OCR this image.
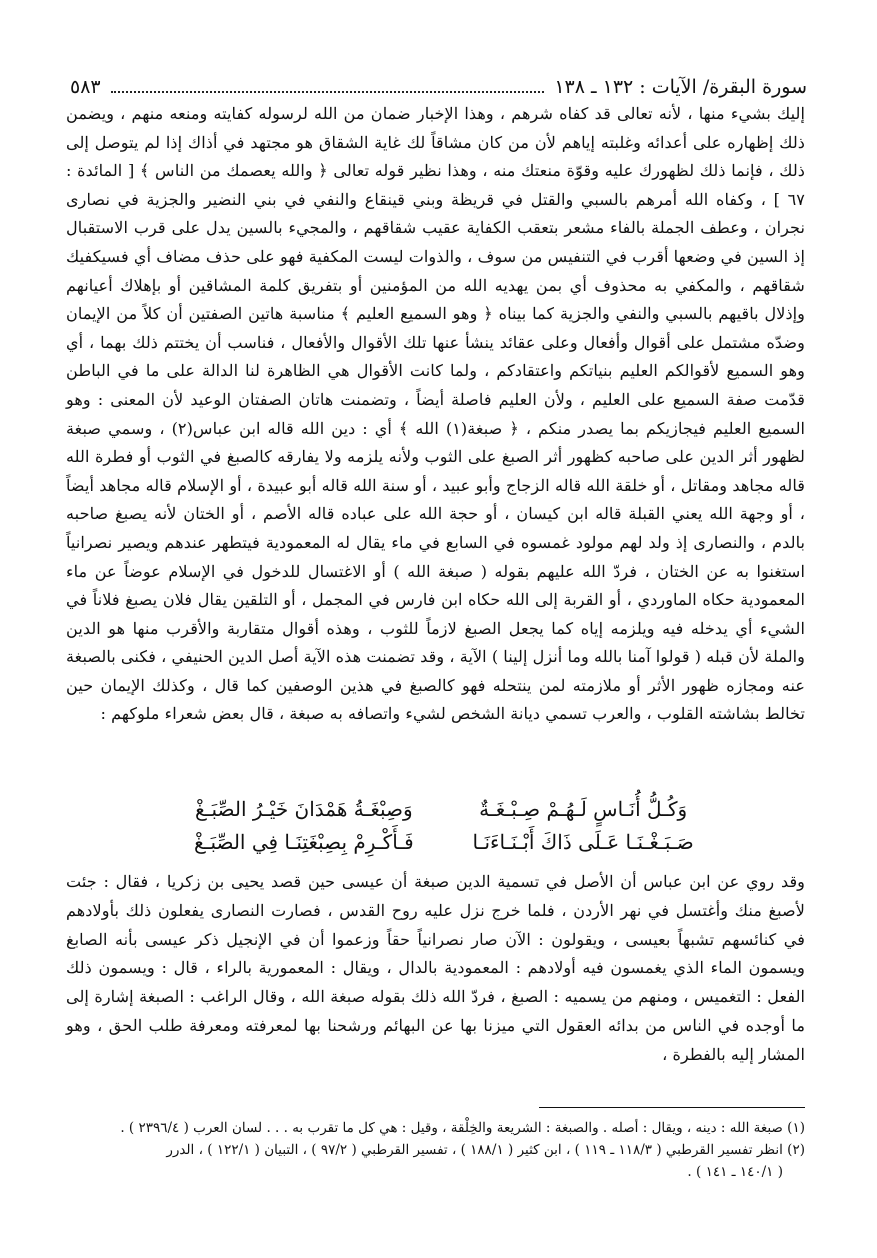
سورة البقرة/ الآيات : ١٣٢ ـ ١٣٨
٥٨٣

إليك بشيء منها ، لأنه تعالى قد كفاه شرهم ، وهذا الإخبار ضمان من الله لرسوله كفايته ومنعه منهم ، ويضمن ذلك إظهاره على أعدائه وغلبته إياهم لأن من كان مشاقاً لك غاية الشقاق هو مجتهد في أذاك إذا لم يتوصل إلى ذلك ، فإنما ذلك لظهورك عليه وقوّة منعتك منه ، وهذا نظير قوله تعالى ﴿ والله يعصمك من الناس ﴾ [ المائدة : ٦٧ ] ، وكفاه الله أمرهم بالسبي والقتل في قريظة وبني قينقاع والنفي في بني النضير والجزية في نصارى نجران ، وعطف الجملة بالفاء مشعر بتعقب الكفاية عقيب شقاقهم ، والمجيء بالسين يدل على قرب الاستقبال إذ السين في وضعها أقرب في التنفيس من سوف ، والذوات ليست المكفية فهو على حذف مضاف أي فسيكفيك شقاقهم ، والمكفي به محذوف أي بمن يهديه الله من المؤمنين أو بتفريق كلمة المشاقين أو بإهلاك أعيانهم وإذلال باقيهم بالسبي والنفي والجزية كما بيناه ﴿ وهو السميع العليم ﴾ مناسبة هاتين الصفتين أن كلاً من الإيمان وضدّه مشتمل على أقوال وأفعال وعلى عقائد ينشأ عنها تلك الأقوال والأفعال ، فناسب أن يختتم ذلك بهما ، أي وهو السميع لأقوالكم العليم بنياتكم واعتقادكم ، ولما كانت الأقوال هي الظاهرة لنا الدالة على ما في الباطن قدّمت صفة السميع على العليم ، ولأن العليم فاصلة أيضاً ، وتضمنت هاتان الصفتان الوعيد لأن المعنى : وهو السميع العليم فيجازيكم بما يصدر منكم ، ﴿ صبغة(١) الله ﴾ أي : دين الله قاله ابن عباس(٢) ، وسمي صبغة لظهور أثر الدين على صاحبه كظهور أثر الصبغ على الثوب ولأنه يلزمه ولا يفارقه كالصبغ في الثوب أو فطرة الله قاله مجاهد ومقاتل ، أو خلقة الله قاله الزجاج وأبو عبيد ، أو سنة الله قاله أبو عبيدة ، أو الإسلام قاله مجاهد أيضاً ، أو وجهة الله يعني القبلة قاله ابن كيسان ، أو حجة الله على عباده قاله الأصم ، أو الختان لأنه يصبغ صاحبه بالدم ، والنصارى إذ ولد لهم مولود غمسوه في السابع في ماء يقال له المعمودية فيتطهر عندهم ويصير نصرانياً استغنوا به عن الختان ، فردّ الله عليهم بقوله ( صبغة الله ) أو الاغتسال للدخول في الإسلام عوضاً عن ماء المعمودية حكاه الماوردي ، أو القربة إلى الله حكاه ابن فارس في المجمل ، أو التلقين يقال فلان يصبغ فلاناً في الشيء أي يدخله فيه ويلزمه إياه كما يجعل الصبغ لازماً للثوب ، وهذه أقوال متقاربة والأقرب منها هو الدين والملة لأن قبله ( قولوا آمنا بالله وما أنزل إلينا ) الآية ، وقد تضمنت هذه الآية أصل الدين الحنيفي ، فكنى بالصبغة عنه ومجازه ظهور الأثر أو ملازمته لمن ينتحله فهو كالصبغ في هذين الوصفين كما قال ، وكذلك الإيمان حين تخالط بشاشته القلوب ، والعرب تسمي ديانة الشخص لشيء واتصافه به صبغة ، قال بعض شعراء ملوكهم :

وَكُـلُّ أُنَـاسٍ لَـهُـمْ صِـبْـغَـةٌ
وَصِبْغَـةُ هَمْدَانَ خَيْـرُ الصِّبَـغْ
صَـبَـغْـنَـا عَـلَى ذَاكَ أَبْـنَـاءَنَـا
فَـأَكْـرِمْ بِصِبْغَتِنَـا فِي الصِّبَـغْ

وقد روي عن ابن عباس أن الأصل في تسمية الدين صبغة أن عيسى حين قصد يحيى بن زكريا ، فقال : جئت لأصبغ منك وأغتسل في نهر الأردن ، فلما خرج نزل عليه روح القدس ، فصارت النصارى يفعلون ذلك بأولادهم في كنائسهم تشبهاً بعيسى ، ويقولون : الآن صار نصرانياً حقاً وزعموا أن في الإنجيل ذكر عيسى بأنه الصابغ ويسمون الماء الذي يغمسون فيه أولادهم : المعمودية بالدال ، ويقال : المعمورية بالراء ، قال : ويسمون ذلك الفعل : التغميس ، ومنهم من يسميه : الصبغ ، فردّ الله ذلك بقوله صبغة الله ، وقال الراغب : الصبغة إشارة إلى ما أوجده في الناس من بدائه العقول التي ميزنا بها عن البهائم ورشحنا بها لمعرفته ومعرفة طلب الحق ، وهو المشار إليه بالفطرة ،

(١) صبغة الله : دينه ، ويقال : أصله . والصبغة : الشريعة والخِلْقة ، وقيل : هي كل ما تقرب به . . . لسان العرب ( ٢٣٩٦/٤ ) .

(٢) انظر تفسير القرطبي ( ١١٨/٣ ـ ١١٩ ) ، ابن كثير ( ١٨٨/١ ) ، تفسير القرطبي ( ٩٧/٢ ) ، التبيان ( ١٢٢/١ ) ، الدرر

( ١٤٠/١ ـ ١٤١ ) .
